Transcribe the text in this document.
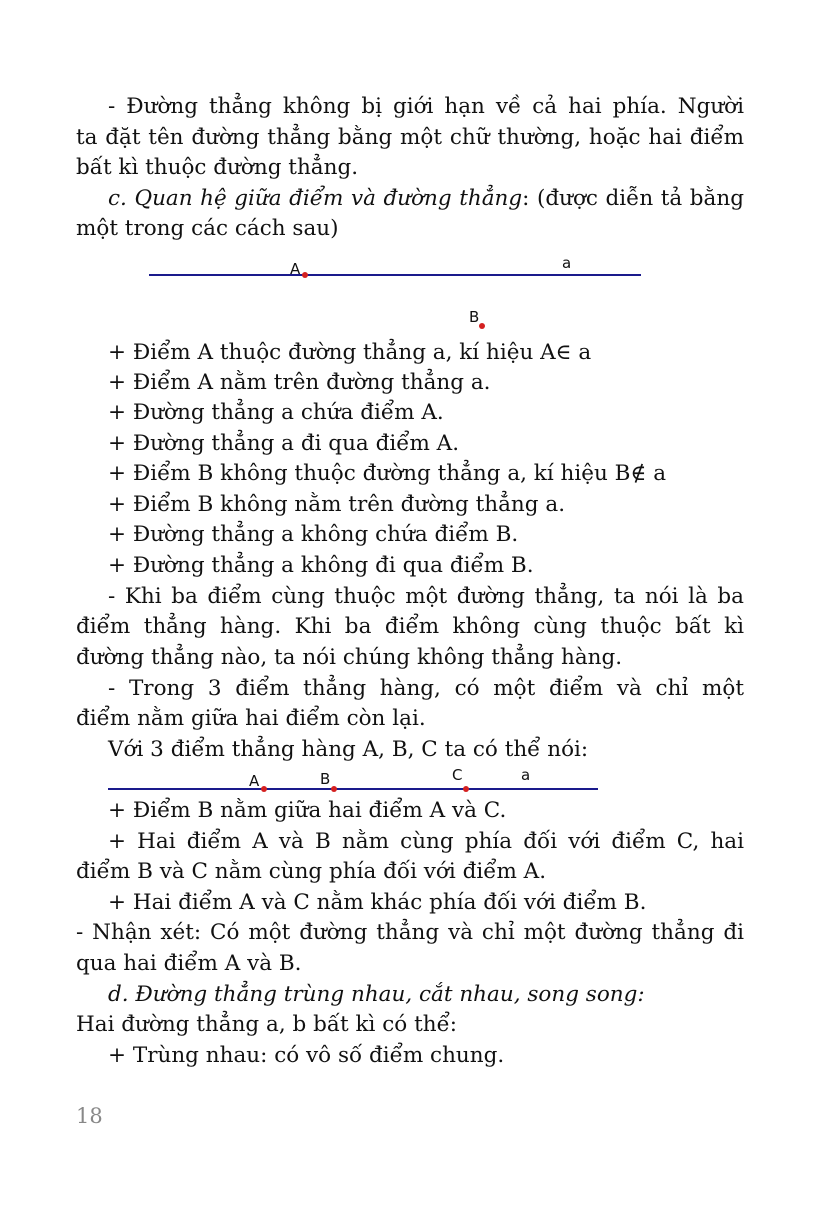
- Đường thẳng không bị giới hạn về cả hai phía. Người
ta đặt tên đường thẳng bằng một chữ thường, hoặc hai điểm
bất kì thuộc đường thẳng.
c. Quan hệ giữa điểm và đường thẳng: (được diễn tả bằng
một trong các cách sau)
A	a
B
+ Điểm A thuộc đường thẳng a, kí hiệu A∈ a
+ Điểm A nằm trên đường thẳng a.
+ Đường thẳng a chứa điểm A.
+ Đường thẳng a đi qua điểm A.
+ Điểm B không thuộc đường thẳng a, kí hiệu B∉ a
+ Điểm B không nằm trên đường thẳng a.
+ Đường thẳng a không chứa điểm B.
+ Đường thẳng a không đi qua điểm B.
- Khi ba điểm cùng thuộc một đường thẳng, ta nói là ba
điểm thẳng hàng. Khi ba điểm không cùng thuộc bất kì
đường thẳng nào, ta nói chúng không thẳng hàng.
- Trong 3 điểm thẳng hàng, có một điểm và chỉ một
điểm nằm giữa hai điểm còn lại.
Với 3 điểm thẳng hàng A, B, C ta có thể nói:
A	B	C	a
+ Điểm B nằm giữa hai điểm A và C.
+ Hai điểm A và B nằm cùng phía đối với điểm C, hai
điểm B và C nằm cùng phía đối với điểm A.
+ Hai điểm A và C nằm khác phía đối với điểm B.
- Nhận xét: Có một đường thẳng và chỉ một đường thẳng đi
qua hai điểm A và B.
d. Đường thẳng trùng nhau, cắt nhau, song song:
Hai đường thẳng a, b bất kì có thể:
+ Trùng nhau: có vô số điểm chung.
18
